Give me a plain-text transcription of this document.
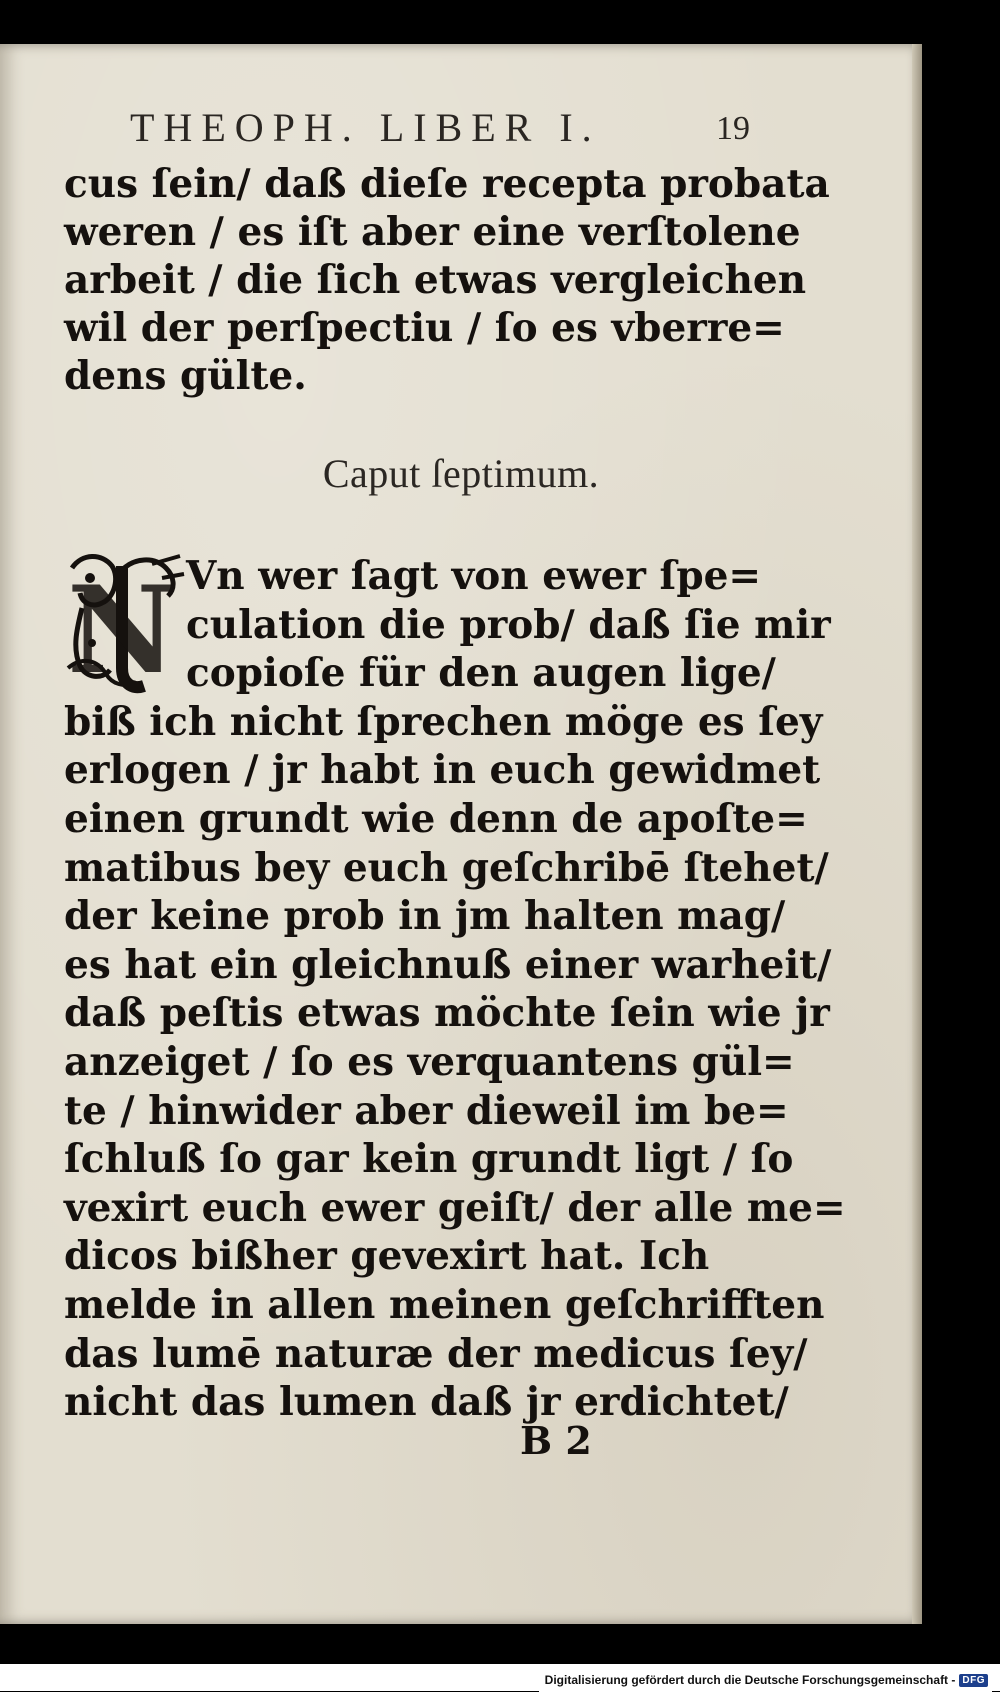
THEOPH. LIBER I.	19
cus ſein/ daß dieſe recepta probata
weren / es iſt aber eine verſtolene
arbeit / die ſich etwas vergleichen
wil der perſpectiu / ſo es vberre=
dens gülte.
Caput ſeptimum.
N Vn wer ſagt von ewer ſpe=
culation die prob/ daß ſie mir
copioſe für den augen lige/
biß ich nicht ſprechen möge es ſey
erlogen / jr habt in euch gewidmet
einen grundt wie denn de apoſte=
matibus bey euch geſchribē ſtehet/
der keine prob in jm halten mag/
es hat ein gleichnuß einer warheit/
daß peſtis etwas möchte ſein wie jr
anzeiget / ſo es verquantens gül=
te / hinwider aber dieweil im be=
ſchluß ſo gar kein grundt ligt / ſo
vexirt euch ewer geiſt/ der alle me=
dicos bißher gevexirt hat. Ich
melde in allen meinen geſchrifften
das lumē naturæ der medicus ſey/
nicht das lumen daß jr erdichtet/
B 2
Digitalisierung gefördert durch die Deutsche Forschungsgemeinschaft - DFG
